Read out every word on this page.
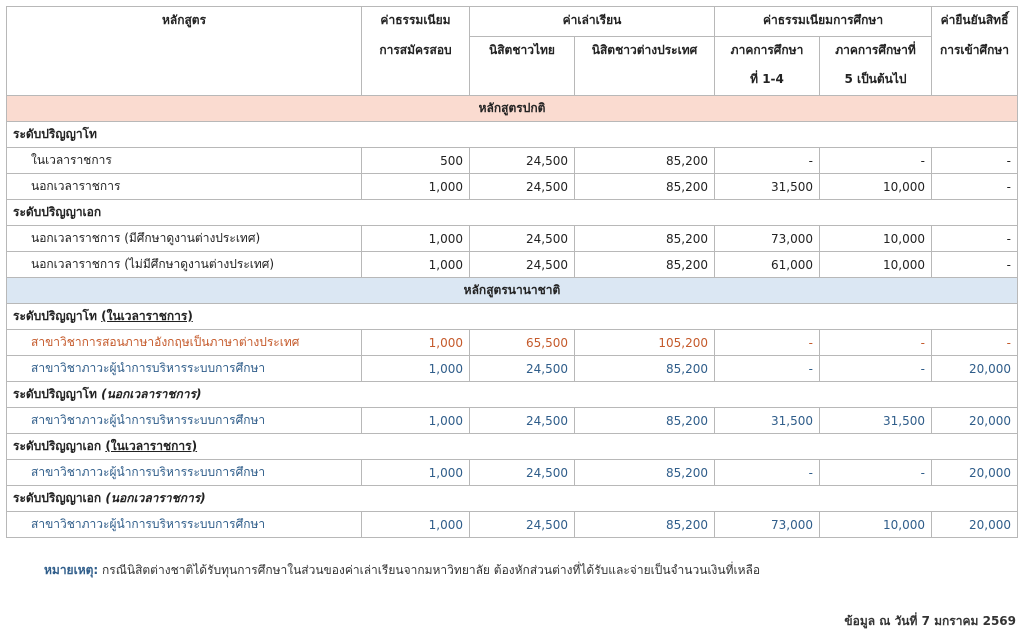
หลักสูตร	ค่าธรรมเนียม	ค่าเล่าเรียน		ค่าธรรมเนียมการศึกษา		ค่ายืนยันสิทธิ์
	การสมัครสอบ	นิสิตชาวไทย	นิสิตชาวต่างประเทศ	ภาคการศึกษา	ภาคการศึกษาที่	การเข้าศึกษา
				ที่ 1-4	5 เป็นต้นไป	
หลักสูตรปกติ						
ระดับปริญญาโท						
ในเวลาราชการ	500	24,500	85,200	-	-	-
นอกเวลาราชการ	1,000	24,500	85,200	31,500	10,000	-
ระดับปริญญาเอก						
นอกเวลาราชการ (มีศึกษาดูงานต่างประเทศ)	1,000	24,500	85,200	73,000	10,000	-
นอกเวลาราชการ (ไม่มีศึกษาดูงานต่างประเทศ)	1,000	24,500	85,200	61,000	10,000	-
หลักสูตรนานาชาติ						
ระดับปริญญาโท (ในเวลาราชการ)						
สาขาวิชาการสอนภาษาอังกฤษเป็นภาษาต่างประเทศ	1,000	65,500	105,200	-	-	-
สาขาวิชาภาวะผู้นำการบริหารระบบการศึกษา	1,000	24,500	85,200	-	-	20,000
ระดับปริญญาโท (นอกเวลาราชการ)						
สาขาวิชาภาวะผู้นำการบริหารระบบการศึกษา	1,000	24,500	85,200	31,500	31,500	20,000
ระดับปริญญาเอก (ในเวลาราชการ)						
สาขาวิชาภาวะผู้นำการบริหารระบบการศึกษา	1,000	24,500	85,200	-	-	20,000
ระดับปริญญาเอก (นอกเวลาราชการ)						
สาขาวิชาภาวะผู้นำการบริหารระบบการศึกษา	1,000	24,500	85,200	73,000	10,000	20,000
หมายเหตุ: กรณีนิสิตต่างชาติได้รับทุนการศึกษาในส่วนของค่าเล่าเรียนจากมหาวิทยาลัย ต้องหักส่วนต่างที่ได้รับและจ่ายเป็นจำนวนเงินที่เหลือ
ข้อมูล ณ วันที่ 7 มกราคม 2569
